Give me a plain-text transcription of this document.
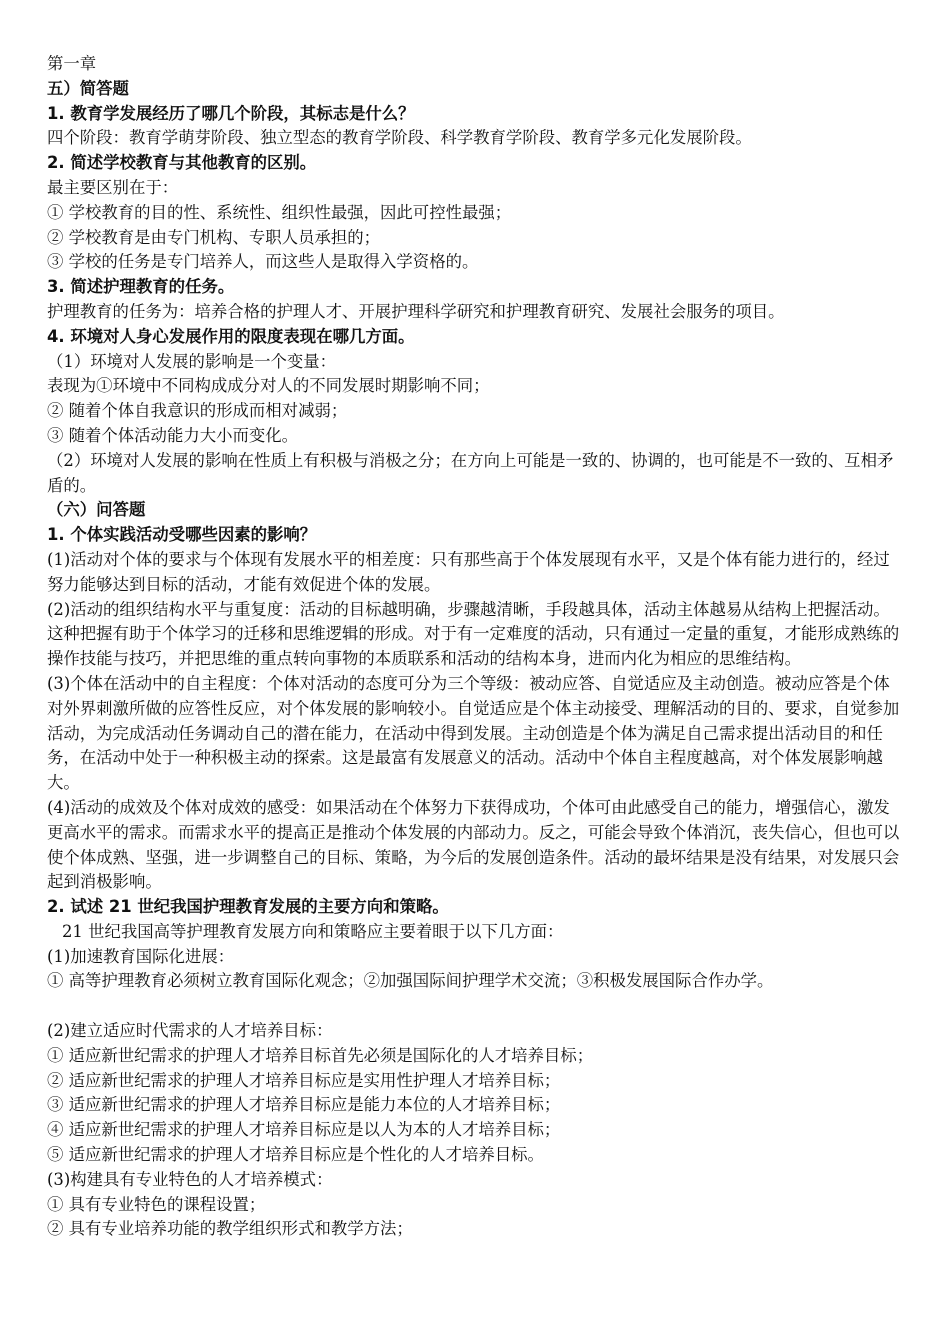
第一章

五）简答题

1. 教育学发展经历了哪几个阶段，其标志是什么？

四个阶段：教育学萌芽阶段、独立型态的教育学阶段、科学教育学阶段、教育学多元化发展阶段。

2. 简述学校教育与其他教育的区别。

最主要区别在于：

① 学校教育的目的性、系统性、组织性最强，因此可控性最强；

② 学校教育是由专门机构、专职人员承担的；

③ 学校的任务是专门培养人，而这些人是取得入学资格的。

3. 简述护理教育的任务。

护理教育的任务为：培养合格的护理人才、开展护理科学研究和护理教育研究、发展社会服务的项目。

4. 环境对人身心发展作用的限度表现在哪几方面。

（1）环境对人发展的影响是一个变量：

表现为①环境中不同构成成分对人的不同发展时期影响不同；

② 随着个体自我意识的形成而相对减弱；

③ 随着个体活动能力大小而变化。

（2）环境对人发展的影响在性质上有积极与消极之分；在方向上可能是一致的、协调的，也可能是不一致的、互相矛盾的。

（六）问答题

1. 个体实践活动受哪些因素的影响？

(1)活动对个体的要求与个体现有发展水平的相差度：只有那些高于个体发展现有水平，又是个体有能力进行的，经过努力能够达到目标的活动，才能有效促进个体的发展。

(2)活动的组织结构水平与重复度：活动的目标越明确，步骤越清晰，手段越具体，活动主体越易从结构上把握活动。这种把握有助于个体学习的迁移和思维逻辑的形成。对于有一定难度的活动，只有通过一定量的重复，才能形成熟练的操作技能与技巧，并把思维的重点转向事物的本质联系和活动的结构本身，进而内化为相应的思维结构。

(3)个体在活动中的自主程度：个体对活动的态度可分为三个等级：被动应答、自觉适应及主动创造。被动应答是个体对外界刺激所做的应答性反应，对个体发展的影响较小。自觉适应是个体主动接受、理解活动的目的、要求，自觉参加活动，为完成活动任务调动自己的潜在能力，在活动中得到发展。主动创造是个体为满足自己需求提出活动目的和任务，在活动中处于一种积极主动的探索。这是最富有发展意义的活动。活动中个体自主程度越高，对个体发展影响越大。

(4)活动的成效及个体对成效的感受：如果活动在个体努力下获得成功，个体可由此感受自己的能力，增强信心，激发更高水平的需求。而需求水平的提高正是推动个体发展的内部动力。反之，可能会导致个体消沉，丧失信心，但也可以使个体成熟、坚强，进一步调整自己的目标、策略，为今后的发展创造条件。活动的最坏结果是没有结果，对发展只会起到消极影响。

2. 试述 21 世纪我国护理教育发展的主要方向和策略。

21 世纪我国高等护理教育发展方向和策略应主要着眼于以下几方面：

(1)加速教育国际化进展：

① 高等护理教育必须树立教育国际化观念；②加强国际间护理学术交流；③积极发展国际合作办学。

(2)建立适应时代需求的人才培养目标：

① 适应新世纪需求的护理人才培养目标首先必须是国际化的人才培养目标；

② 适应新世纪需求的护理人才培养目标应是实用性护理人才培养目标；

③ 适应新世纪需求的护理人才培养目标应是能力本位的人才培养目标；

④ 适应新世纪需求的护理人才培养目标应是以人为本的人才培养目标；

⑤ 适应新世纪需求的护理人才培养目标应是个性化的人才培养目标。

(3)构建具有专业特色的人才培养模式：

① 具有专业特色的课程设置；

② 具有专业培养功能的教学组织形式和教学方法；
